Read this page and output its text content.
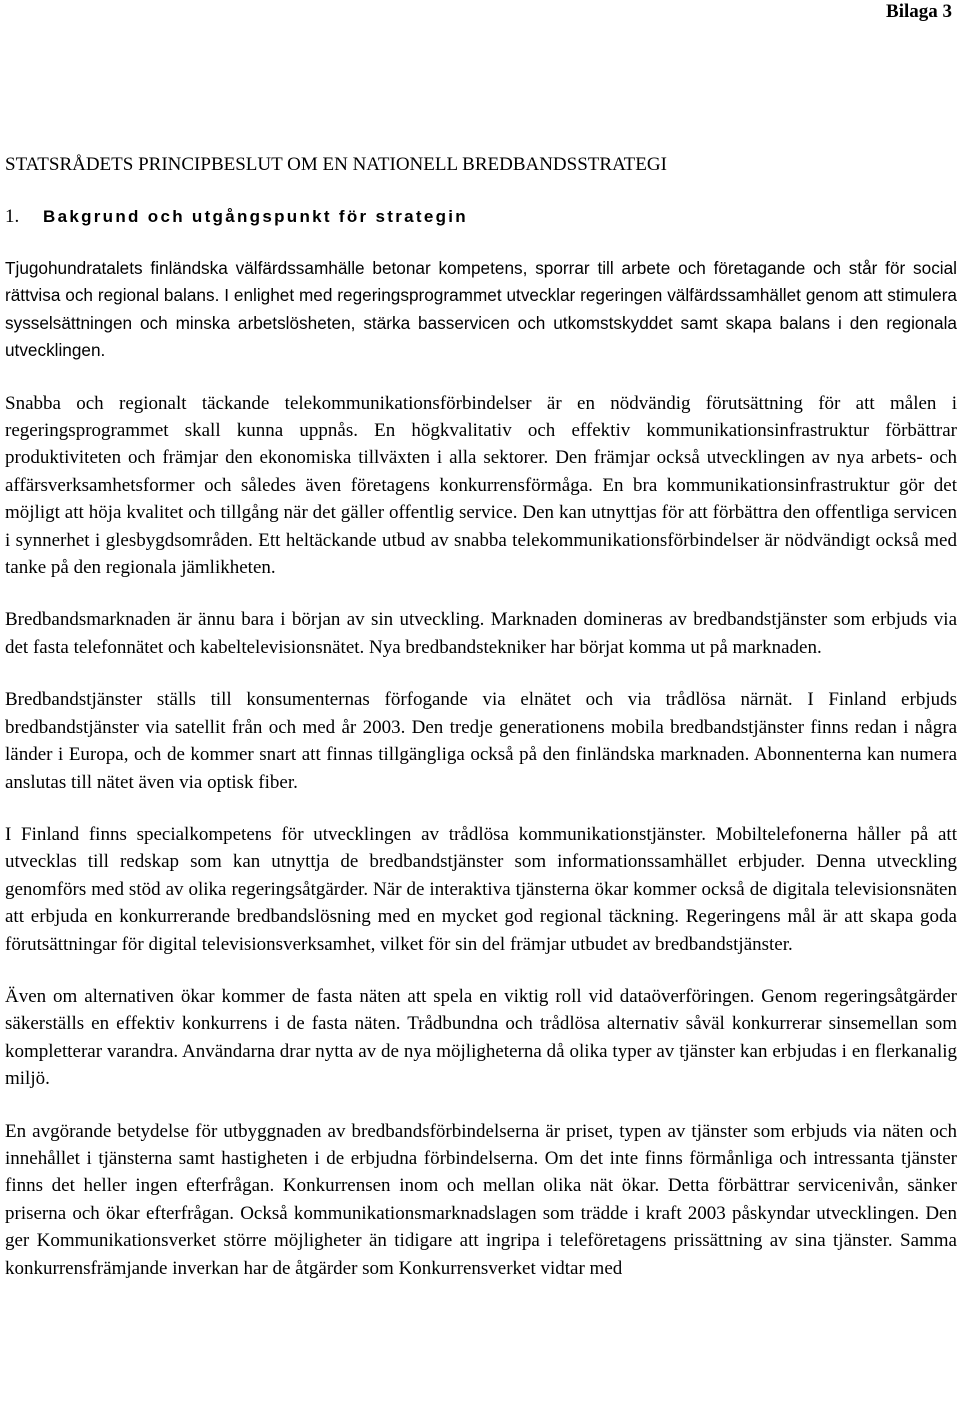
Bilaga 3
STATSRÅDETS PRINCIPBESLUT OM EN NATIONELL BREDBANDSSTRATEGI
1. Bakgrund och utgångspunkt för strategin

Tjugohundratalets finländska välfärdssamhälle betonar kompetens, sporrar till arbete och företagande och står för social rättvisa och regional balans. I enlighet med regeringsprogrammet utvecklar regeringen välfärdssamhället genom att stimulera sysselsättningen och minska arbetslösheten, stärka basservicen och utkomstskyddet samt skapa balans i den regionala utvecklingen.

Snabba och regionalt täckande telekommunikationsförbindelser är en nödvändig förutsättning för att målen i regeringsprogrammet skall kunna uppnås. En högkvalitativ och effektiv kommunikationsinfrastruktur förbättrar produktiviteten och främjar den ekonomiska tillväxten i alla sektorer. Den främjar också utvecklingen av nya arbets- och affärsverksamhetsformer och således även företagens konkurrensförmåga. En bra kommunikationsinfrastruktur gör det möjligt att höja kvalitet och tillgång när det gäller offentlig service. Den kan utnyttjas för att förbättra den offentliga servicen i synnerhet i glesbygdsområden. Ett heltäckande utbud av snabba telekommunikationsförbindelser är nödvändigt också med tanke på den regionala jämlikheten.

Bredbandsmarknaden är ännu bara i början av sin utveckling. Marknaden domineras av bredbandstjänster som erbjuds via det fasta telefonnätet och kabeltelevisionsnätet. Nya bredbandstekniker har börjat komma ut på marknaden.

Bredbandstjänster ställs till konsumenternas förfogande via elnätet och via trådlösa närnät. I Finland erbjuds bredbandstjänster via satellit från och med år 2003. Den tredje generationens mobila bredbandstjänster finns redan i några länder i Europa, och de kommer snart att finnas tillgängliga också på den finländska marknaden. Abonnenterna kan numera anslutas till nätet även via optisk fiber.

I Finland finns specialkompetens för utvecklingen av trådlösa kommunikationstjänster. Mobiltelefonerna håller på att utvecklas till redskap som kan utnyttja de bredbandstjänster som informationssamhället erbjuder. Denna utveckling genomförs med stöd av olika regeringsåtgärder. När de interaktiva tjänsterna ökar kommer också de digitala televisionsnäten att erbjuda en konkurrerande bredbandslösning med en mycket god regional täckning. Regeringens mål är att skapa goda förutsättningar för digital televisionsverksamhet, vilket för sin del främjar utbudet av bredbandstjänster.

Även om alternativen ökar kommer de fasta näten att spela en viktig roll vid dataöverföringen. Genom regeringsåtgärder säkerställs en effektiv konkurrens i de fasta näten. Trådbundna och trådlösa alternativ såväl konkurrerar sinsemellan som kompletterar varandra. Användarna drar nytta av de nya möjligheterna då olika typer av tjänster kan erbjudas i en flerkanalig miljö.

En avgörande betydelse för utbyggnaden av bredbandsförbindelserna är priset, typen av tjänster som erbjuds via näten och innehållet i tjänsterna samt hastigheten i de erbjudna förbindelserna. Om det inte finns förmånliga och intressanta tjänster finns det heller ingen efterfrågan. Konkurrensen inom och mellan olika nät ökar. Detta förbättrar servicenivån, sänker priserna och ökar efterfrågan. Också kommunikationsmarknadslagen som trädde i kraft 2003 påskyndar utvecklingen. Den ger Kommunikationsverket större möjligheter än tidigare att ingripa i teleföretagens prissättning av sina tjänster. Samma konkurrensfrämjande inverkan har de åtgärder som Konkurrensverket vidtar med
